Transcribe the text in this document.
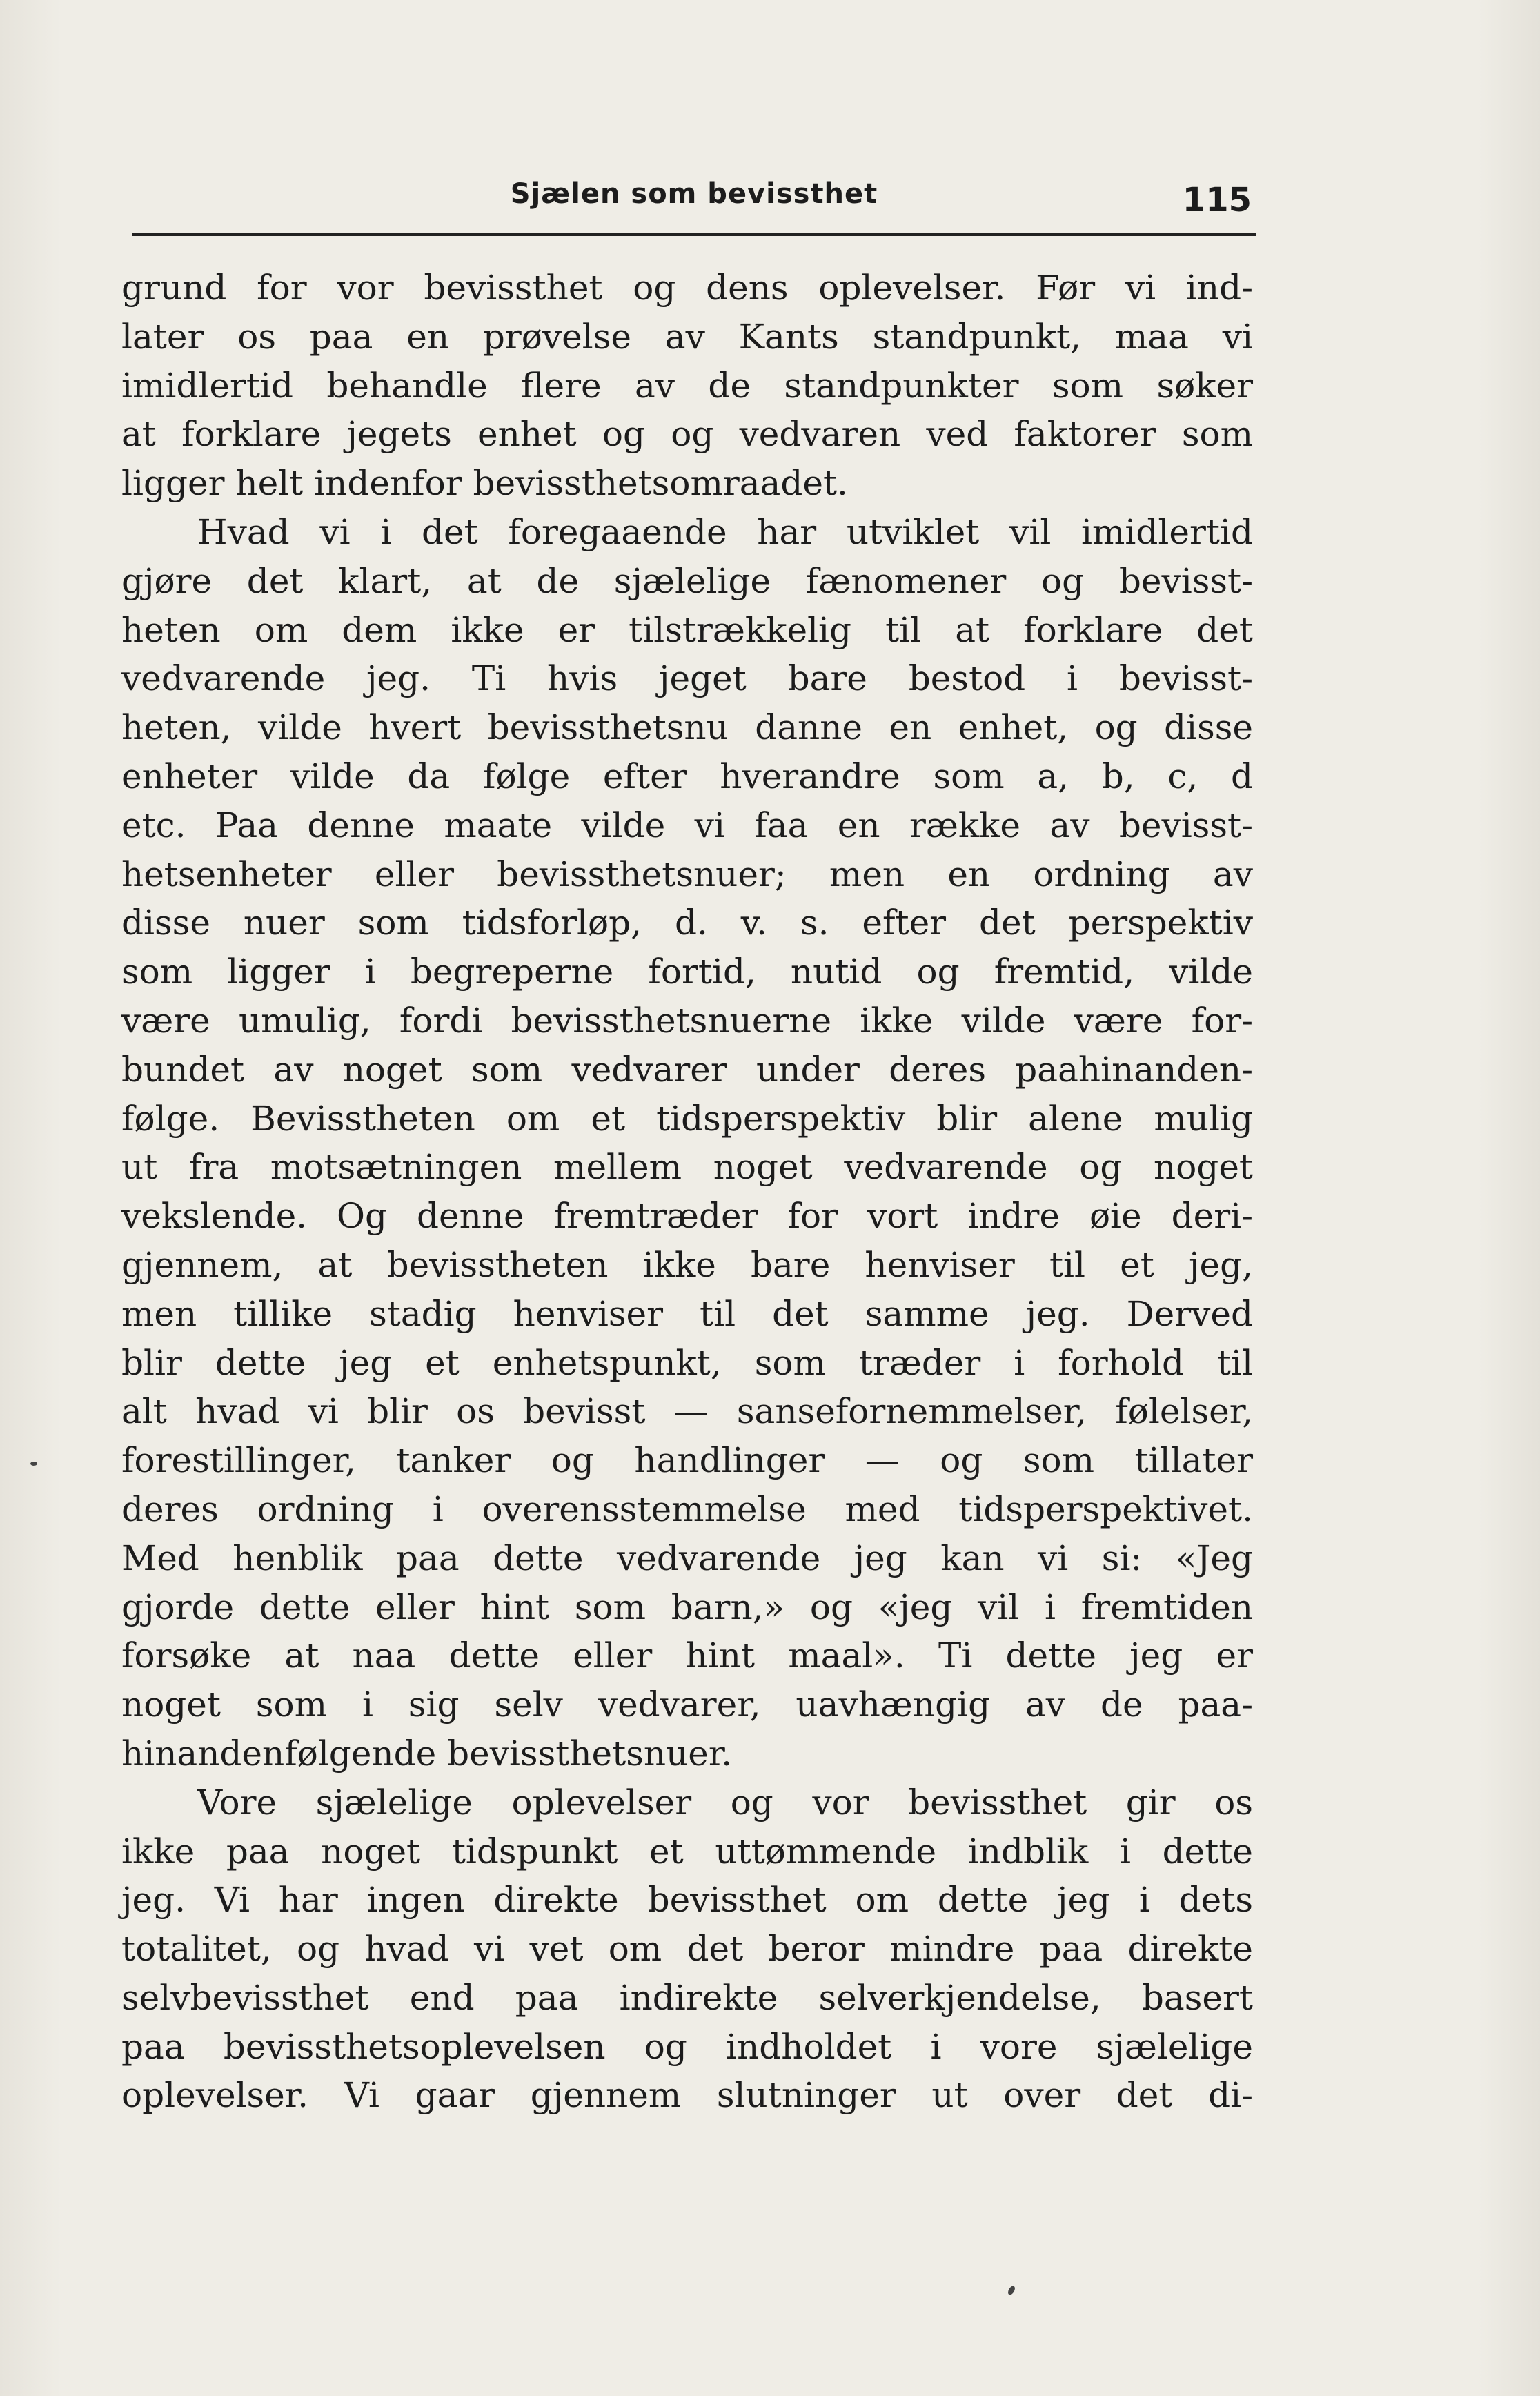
Sjælen som bevissthet	115
grund for vor bevissthet og dens oplevelser. Før vi ind-
later os paa en prøvelse av Kants standpunkt, maa vi
imidlertid behandle flere av de standpunkter som søker
at forklare jegets enhet og og vedvaren ved faktorer som
ligger helt indenfor bevissthetsomraadet.
Hvad vi i det foregaaende har utviklet vil imidlertid
gjøre det klart, at de sjælelige fænomener og bevisst-
heten om dem ikke er tilstrækkelig til at forklare det
vedvarende jeg. Ti hvis jeget bare bestod i bevisst-
heten, vilde hvert bevissthetsnu danne en enhet, og disse
enheter vilde da følge efter hverandre som a, b, c, d
etc. Paa denne maate vilde vi faa en række av bevisst-
hetsenheter eller bevissthetsnuer; men en ordning av
disse nuer som tidsforløp, d. v. s. efter det perspektiv
som ligger i begreperne fortid, nutid og fremtid, vilde
være umulig, fordi bevissthetsnuerne ikke vilde være for-
bundet av noget som vedvarer under deres paahinanden-
følge. Bevisstheten om et tidsperspektiv blir alene mulig
ut fra motsætningen mellem noget vedvarende og noget
vekslende. Og denne fremtræder for vort indre øie deri-
gjennem, at bevisstheten ikke bare henviser til et jeg,
men tillike stadig henviser til det samme jeg. Derved
blir dette jeg et enhetspunkt, som træder i forhold til
alt hvad vi blir os bevisst — sansefornemmelser, følelser,
forestillinger, tanker og handlinger — og som tillater
deres ordning i overensstemmelse med tidsperspektivet.
Med henblik paa dette vedvarende jeg kan vi si: «Jeg
gjorde dette eller hint som barn,» og «jeg vil i fremtiden
forsøke at naa dette eller hint maal». Ti dette jeg er
noget som i sig selv vedvarer, uavhængig av de paa-
hinandenfølgende bevissthetsnuer.
Vore sjælelige oplevelser og vor bevissthet gir os
ikke paa noget tidspunkt et uttømmende indblik i dette
jeg. Vi har ingen direkte bevissthet om dette jeg i dets
totalitet, og hvad vi vet om det beror mindre paa direkte
selvbevissthet end paa indirekte selverkjendelse, basert
paa bevissthetsoplevelsen og indholdet i vore sjælelige
oplevelser. Vi gaar gjennem slutninger ut over det di-
